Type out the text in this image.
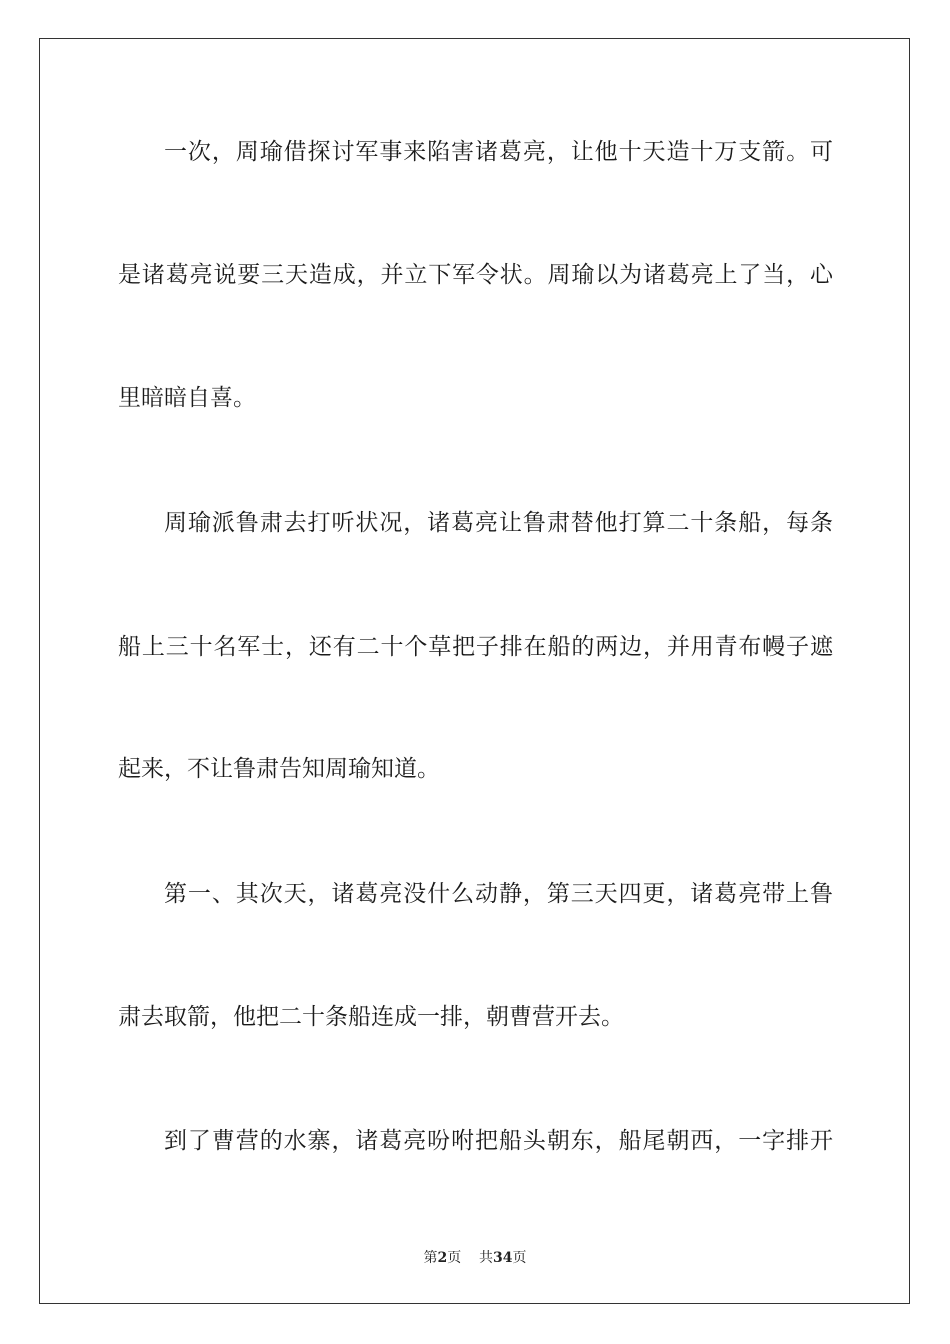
一次，周瑜借探讨军事来陷害诸葛亮，让他十天造十万支箭。可
是诸葛亮说要三天造成，并立下军令状。周瑜以为诸葛亮上了当，心
里暗暗自喜。
周瑜派鲁肃去打听状况，诸葛亮让鲁肃替他打算二十条船，每条
船上三十名军士，还有二十个草把子排在船的两边，并用青布幔子遮
起来，不让鲁肃告知周瑜知道。
第一、其次天，诸葛亮没什么动静，第三天四更，诸葛亮带上鲁
肃去取箭，他把二十条船连成一排，朝曹营开去。
到了曹营的水寨，诸葛亮吩咐把船头朝东，船尾朝西，一字排开
第2页 共34页
